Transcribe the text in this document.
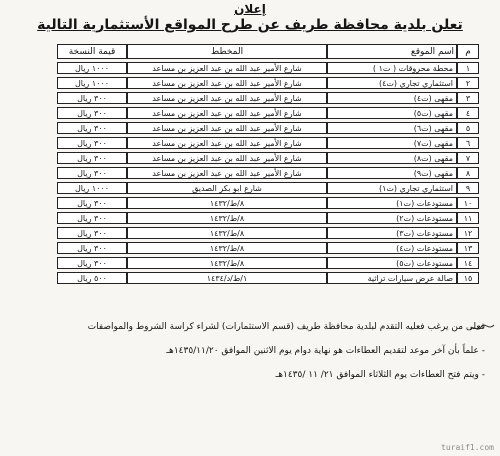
إعلان
تعلن بلدية محافظة طريف عن طرح المواقع الأستثمارية التالية
م	اسم الموقع	المخطط	قيمة النسخة
١	محطة محروقات ( ت١ )	شارع الأمير عبد الله بن عبد العزيز بن مساعد	١٠٠٠ ريال
٢	استثماري تجاري (ت٤)	شارع الأمير عبد الله بن عبد العزيز بن مساعد	١٠٠٠ ريال
٣	مقهى (ت٤)	شارع الأمير عبد الله بن عبد العزيز بن مساعد	٣٠٠ ريال
٤	مقهى (ت٥)	شارع الأمير عبد الله بن عبد العزيز بن مساعد	٣٠٠ ريال
٥	مقهى (ت٦)	شارع الأمير عبد الله بن عبد العزيز بن مساعد	٣٠٠ ريال
٦	مقهى (ت٧)	شارع الأمير عبد الله بن عبد العزيز بن مساعد	٣٠٠ ريال
٧	مقهى (ت٨)	شارع الأمير عبد الله بن عبد العزيز بن مساعد	٣٠٠ ريال
٨	مقهى (ت٩)	شارع الأمير عبد الله بن عبد العزيز بن مساعد	٣٠٠ ريال
٩	استثماري تجاري (ت١)	شارع ابو بكر الصديق	١٠٠٠ ريال
١٠	مستودعات (ت١)	٨/ط/١٤٣٢	٣٠٠ ريال
١١	مستودعات (ت٢)	٨/ط/١٤٣٢	٣٠٠ ريال
١٢	مستودعات (ت٣)	٨/ط/١٤٣٢	٣٠٠ ريال
١٣	مستودعات (ت٤)	٨/ط/١٤٣٢	٣٠٠ ريال
١٤	مستودعات (ت٥)	٨/ط/١٤٣٢	٣٠٠ ريال
١٥	صالة عرض سيارات تراثية	١/ط/د/١٤٣٤	٥٠٠ ريال

فعلى من يرغب فعليه التقدم لبلدية محافظة طريف (قسم الاستثمارات) لشراء كراسة الشروط والمواصفات

- علماً بأن آخر موعد لتقديم العطاءات هو نهاية دوام يوم الاثنين الموافق ١٤٣٥/١١/٢٠هـ

- ويتم فتح العطاءات يوم الثلاثاء الموافق ٢١/ ١١ /١٤٣٥هـ

turaif1.com
